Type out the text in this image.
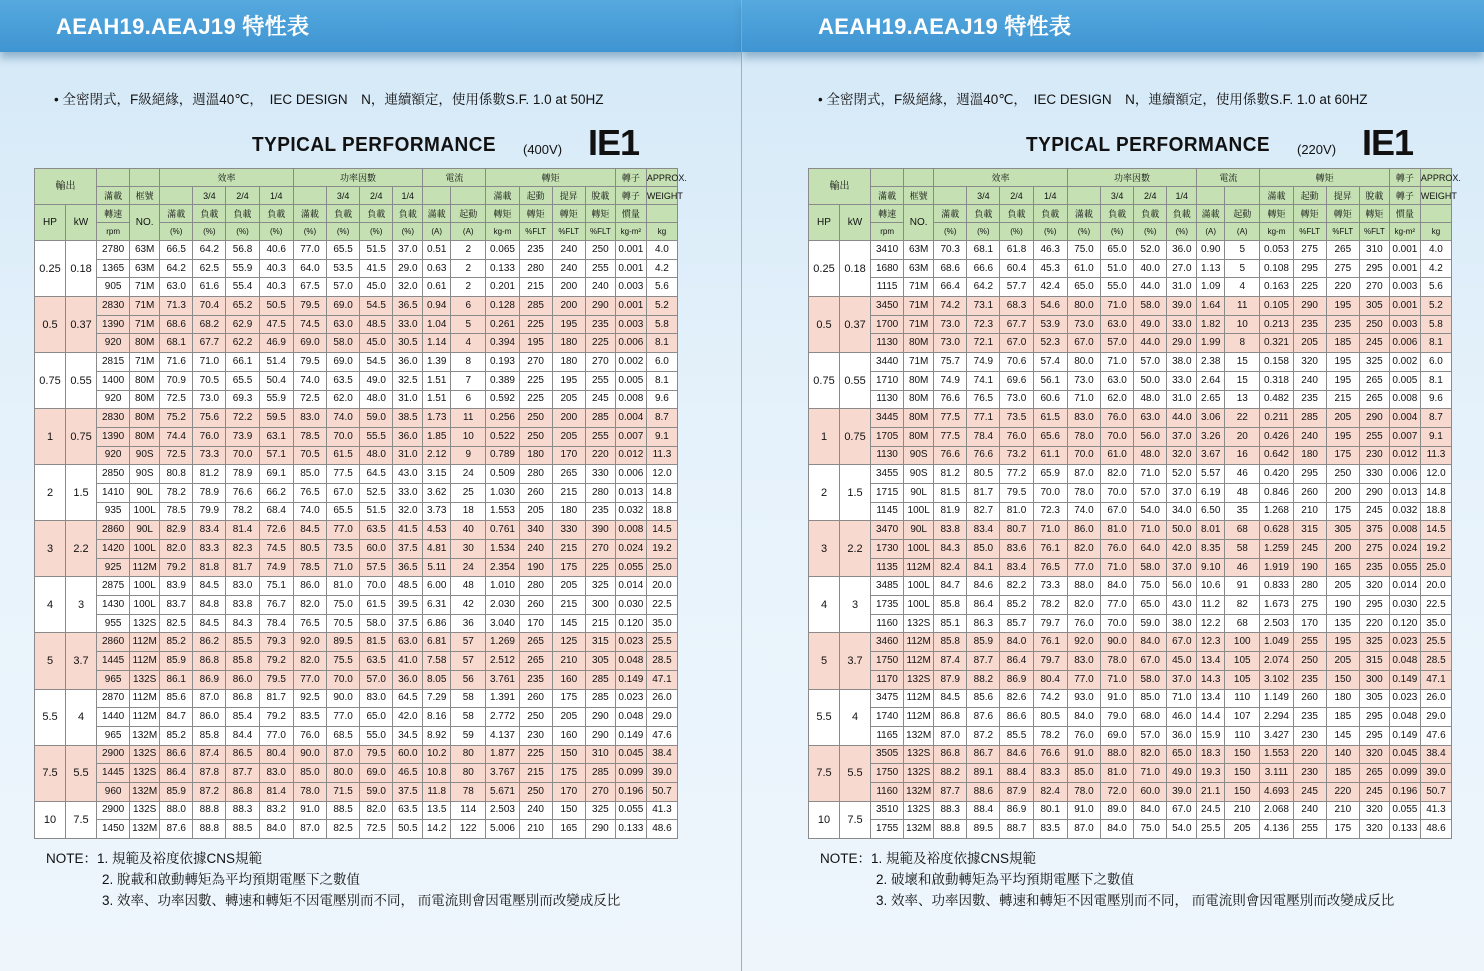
AEAH19.AEAJ19 特性表
• 全密閉式，F級絕緣，週溫40℃，　IEC DESIGN　N，連續額定，使用係數S.F. 1.0 at 50HZ
TYPICAL PERFORMANCE (400V) IE1
輸出				效率				功率因數				電流		轉矩				轉子	APPROX.
		滿載	框號		3/4	2/4	1/4		3/4	2/4	1/4			滿載	起動	提昇	脫載	轉子	WEIGHT
HP	kW	轉速	NO.	滿載	負載	負載	負載	滿載	負載	負載	負載	滿載	起動	轉矩	轉矩	轉矩	轉矩	慣量	
		rpm		(%)	(%)	(%)	(%)	(%)	(%)	(%)	(%)	(A)	(A)	kg-m	%FLT	%FLT	%FLT	kg-m²	kg
0.25	0.18	2780	63M	66.5	64.2	56.8	40.6	77.0	65.5	51.5	37.0	0.51	2	0.065	235	240	250	0.001	4.0
		1365	63M	64.2	62.5	55.9	40.3	64.0	53.5	41.5	29.0	0.63	2	0.133	280	240	255	0.001	4.2
		905	71M	63.0	61.6	55.4	40.3	67.5	57.0	45.0	32.0	0.61	2	0.201	215	200	240	0.003	5.6
0.5	0.37	2830	71M	71.3	70.4	65.2	50.5	79.5	69.0	54.5	36.5	0.94	6	0.128	285	200	290	0.001	5.2
		1390	71M	68.6	68.2	62.9	47.5	74.5	63.0	48.5	33.0	1.04	5	0.261	225	195	235	0.003	5.8
		920	80M	68.1	67.7	62.2	46.9	69.0	58.0	45.0	30.5	1.14	4	0.394	195	180	225	0.006	8.1
0.75	0.55	2815	71M	71.6	71.0	66.1	51.4	79.5	69.0	54.5	36.0	1.39	8	0.193	270	180	270	0.002	6.0
		1400	80M	70.9	70.5	65.5	50.4	74.0	63.5	49.0	32.5	1.51	7	0.389	225	195	255	0.005	8.1
		920	80M	72.5	73.0	69.3	55.9	72.5	62.0	48.0	31.0	1.51	6	0.592	225	205	245	0.008	9.6
1	0.75	2830	80M	75.2	75.6	72.2	59.5	83.0	74.0	59.0	38.5	1.73	11	0.256	250	200	285	0.004	8.7
		1390	80M	74.4	76.0	73.9	63.1	78.5	70.0	55.5	36.0	1.85	10	0.522	250	205	255	0.007	9.1
		920	90S	72.5	73.3	70.0	57.1	70.5	61.5	48.0	31.0	2.12	9	0.789	180	170	220	0.012	11.3
2	1.5	2850	90S	80.8	81.2	78.9	69.1	85.0	77.5	64.5	43.0	3.15	24	0.509	280	265	330	0.006	12.0
		1410	90L	78.2	78.9	76.6	66.2	76.5	67.0	52.5	33.0	3.62	25	1.030	260	215	280	0.013	14.8
		935	100L	78.5	79.9	78.2	68.4	74.0	65.5	51.5	32.0	3.73	18	1.553	205	180	235	0.032	18.8
3	2.2	2860	90L	82.9	83.4	81.4	72.6	84.5	77.0	63.5	41.5	4.53	40	0.761	340	330	390	0.008	14.5
		1420	100L	82.0	83.3	82.3	74.5	80.5	73.5	60.0	37.5	4.81	30	1.534	240	215	270	0.024	19.2
		925	112M	79.2	81.8	81.7	74.9	78.5	71.0	57.5	36.5	5.11	24	2.354	190	175	225	0.055	25.0
4	3	2875	100L	83.9	84.5	83.0	75.1	86.0	81.0	70.0	48.5	6.00	48	1.010	280	205	325	0.014	20.0
		1430	100L	83.7	84.8	83.8	76.7	82.0	75.0	61.5	39.5	6.31	42	2.030	260	215	300	0.030	22.5
		955	132S	82.5	84.5	84.3	78.4	76.5	70.5	58.0	37.5	6.86	36	3.040	170	145	215	0.120	35.0
5	3.7	2860	112M	85.2	86.2	85.5	79.3	92.0	89.5	81.5	63.0	6.81	57	1.269	265	125	315	0.023	25.5
		1445	112M	85.9	86.8	85.8	79.2	82.0	75.5	63.5	41.0	7.58	57	2.512	265	210	305	0.048	28.5
		965	132S	86.1	86.9	86.0	79.5	77.0	70.0	57.0	36.0	8.05	56	3.761	235	160	285	0.149	47.1
5.5	4	2870	112M	85.6	87.0	86.8	81.7	92.5	90.0	83.0	64.5	7.29	58	1.391	260	175	285	0.023	26.0
		1440	112M	84.7	86.0	85.4	79.2	83.5	77.0	65.0	42.0	8.16	58	2.772	250	205	290	0.048	29.0
		965	132M	85.2	85.8	84.4	77.0	76.0	68.5	55.0	34.5	8.92	59	4.137	230	160	290	0.149	47.6
7.5	5.5	2900	132S	86.6	87.4	86.5	80.4	90.0	87.0	79.5	60.0	10.2	80	1.877	225	150	310	0.045	38.4
		1445	132S	86.4	87.8	87.7	83.0	85.0	80.0	69.0	46.5	10.8	80	3.767	215	175	285	0.099	39.0
		960	132M	85.9	87.2	86.8	81.4	78.0	71.5	59.0	37.5	11.8	78	5.671	250	170	270	0.196	50.7
10	7.5	2900	132S	88.0	88.8	88.3	83.2	91.0	88.5	82.0	63.5	13.5	114	2.503	240	150	325	0.055	41.3
		1450	132M	87.6	88.8	88.5	84.0	87.0	82.5	72.5	50.5	14.2	122	5.006	210	165	290	0.133	48.6
NOTE：1. 規範及裕度依據CNS規範
2. 脫載和啟動轉矩為平均預期電壓下之數值
3. 效率、功率因數、轉速和轉矩不因電壓別而不同， 而電流則會因電壓別而改變成反比
AEAH19.AEAJ19 特性表
• 全密閉式，F級絕緣，週溫40℃，　IEC DESIGN　N，連續額定，使用係數S.F. 1.0 at 60HZ
TYPICAL PERFORMANCE (220V) IE1
輸出				效率				功率因數				電流		轉矩				轉子	APPROX.
		滿載	框號		3/4	2/4	1/4		3/4	2/4	1/4			滿載	起動	提昇	脫載	轉子	WEIGHT
HP	kW	轉速	NO.	滿載	負載	負載	負載	滿載	負載	負載	負載	滿載	起動	轉矩	轉矩	轉矩	轉矩	慣量	
		rpm		(%)	(%)	(%)	(%)	(%)	(%)	(%)	(%)	(A)	(A)	kg-m	%FLT	%FLT	%FLT	kg-m²	kg
0.25	0.18	3410	63M	70.3	68.1	61.8	46.3	75.0	65.0	52.0	36.0	0.90	5	0.053	275	265	310	0.001	4.0
		1680	63M	68.6	66.6	60.4	45.3	61.0	51.0	40.0	27.0	1.13	5	0.108	295	275	295	0.001	4.2
		1115	71M	66.4	64.2	57.7	42.4	65.0	55.0	44.0	31.0	1.09	4	0.163	225	220	270	0.003	5.6
0.5	0.37	3450	71M	74.2	73.1	68.3	54.6	80.0	71.0	58.0	39.0	1.64	11	0.105	290	195	305	0.001	5.2
		1700	71M	73.0	72.3	67.7	53.9	73.0	63.0	49.0	33.0	1.82	10	0.213	235	235	250	0.003	5.8
		1130	80M	73.0	72.1	67.0	52.3	67.0	57.0	44.0	29.0	1.99	8	0.321	205	185	245	0.006	8.1
0.75	0.55	3440	71M	75.7	74.9	70.6	57.4	80.0	71.0	57.0	38.0	2.38	15	0.158	320	195	325	0.002	6.0
		1710	80M	74.9	74.1	69.6	56.1	73.0	63.0	50.0	33.0	2.64	15	0.318	240	195	265	0.005	8.1
		1130	80M	76.6	76.5	73.0	60.6	71.0	62.0	48.0	31.0	2.65	13	0.482	235	215	265	0.008	9.6
1	0.75	3445	80M	77.5	77.1	73.5	61.5	83.0	76.0	63.0	44.0	3.06	22	0.211	285	205	290	0.004	8.7
		1705	80M	77.5	78.4	76.0	65.6	78.0	70.0	56.0	37.0	3.26	20	0.426	240	195	255	0.007	9.1
		1130	90S	76.6	76.6	73.2	61.1	70.0	61.0	48.0	32.0	3.67	16	0.642	180	175	230	0.012	11.3
2	1.5	3455	90S	81.2	80.5	77.2	65.9	87.0	82.0	71.0	52.0	5.57	46	0.420	295	250	330	0.006	12.0
		1715	90L	81.5	81.7	79.5	70.0	78.0	70.0	57.0	37.0	6.19	48	0.846	260	200	290	0.013	14.8
		1145	100L	81.9	82.7	81.0	72.3	74.0	67.0	54.0	34.0	6.50	35	1.268	210	175	245	0.032	18.8
3	2.2	3470	90L	83.8	83.4	80.7	71.0	86.0	81.0	71.0	50.0	8.01	68	0.628	315	305	375	0.008	14.5
		1730	100L	84.3	85.0	83.6	76.1	82.0	76.0	64.0	42.0	8.35	58	1.259	245	200	275	0.024	19.2
		1135	112M	82.4	84.1	83.4	76.5	77.0	71.0	58.0	37.0	9.10	46	1.919	190	165	235	0.055	25.0
4	3	3485	100L	84.7	84.6	82.2	73.3	88.0	84.0	75.0	56.0	10.6	91	0.833	280	205	320	0.014	20.0
		1735	100L	85.8	86.4	85.2	78.2	82.0	77.0	65.0	43.0	11.2	82	1.673	275	190	295	0.030	22.5
		1160	132S	85.1	86.3	85.7	79.7	76.0	70.0	59.0	38.0	12.2	68	2.503	170	135	220	0.120	35.0
5	3.7	3460	112M	85.8	85.9	84.0	76.1	92.0	90.0	84.0	67.0	12.3	100	1.049	255	195	325	0.023	25.5
		1750	112M	87.4	87.7	86.4	79.7	83.0	78.0	67.0	45.0	13.4	105	2.074	250	205	315	0.048	28.5
		1170	132S	87.9	88.2	86.9	80.4	77.0	71.0	58.0	37.0	14.3	105	3.102	235	150	300	0.149	47.1
5.5	4	3475	112M	84.5	85.6	82.6	74.2	93.0	91.0	85.0	71.0	13.4	110	1.149	260	180	305	0.023	26.0
		1740	112M	86.8	87.6	86.6	80.5	84.0	79.0	68.0	46.0	14.4	107	2.294	235	185	295	0.048	29.0
		1165	132M	87.0	87.2	85.5	78.2	76.0	69.0	57.0	36.0	15.9	110	3.427	230	145	295	0.149	47.6
7.5	5.5	3505	132S	86.8	86.7	84.6	76.6	91.0	88.0	82.0	65.0	18.3	150	1.553	220	140	320	0.045	38.4
		1750	132S	88.2	89.1	88.4	83.3	85.0	81.0	71.0	49.0	19.3	150	3.111	230	185	265	0.099	39.0
		1160	132M	87.7	88.6	87.9	82.4	78.0	72.0	60.0	39.0	21.1	150	4.693	245	220	245	0.196	50.7
10	7.5	3510	132S	88.3	88.4	86.9	80.1	91.0	89.0	84.0	67.0	24.5	210	2.068	240	210	320	0.055	41.3
		1755	132M	88.8	89.5	88.7	83.5	87.0	84.0	75.0	54.0	25.5	205	4.136	255	175	320	0.133	48.6
NOTE：1. 規範及裕度依據CNS規範
2. 破壞和啟動轉矩為平均預期電壓下之數值
3. 效率、功率因數、轉速和轉矩不因電壓別而不同， 而電流則會因電壓別而改變成反比
